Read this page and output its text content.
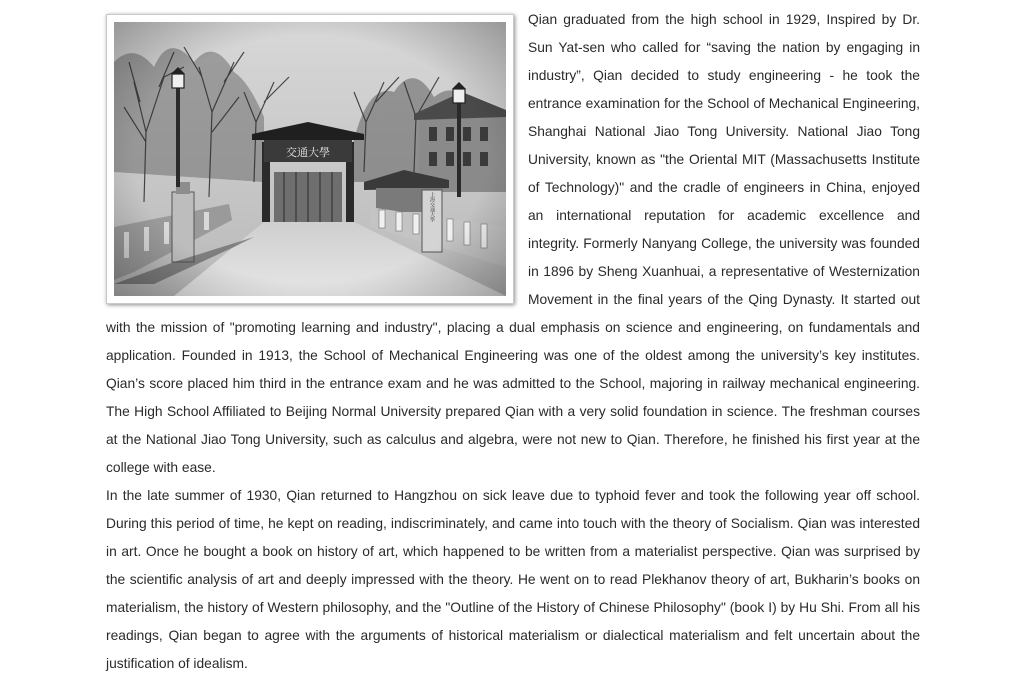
Qian graduated from the high school in 1929, Inspired by Dr. Sun Yat-sen who called for “saving the nation by engaging in industry”, Qian decided to study engineering - he took the entrance examination for the School of Mechanical Engineering, Shanghai National Jiao Tong University. National Jiao Tong University, known as "the Oriental MIT (Massachusetts Institute of Technology)" and the cradle of engineers in China, enjoyed an international reputation for academic excellence and integrity. Formerly Nanyang College, the university was founded in 1896 by Sheng Xuanhuai, a representative of Westernization Movement in the final years of the Qing Dynasty. It started out with the mission of "promoting learning and industry", placing a dual emphasis on science and engineering, on fundamentals and application. Founded in 1913, the School of Mechanical Engineering was one of the oldest among the university’s key institutes. Qian’s score placed him third in the entrance exam and he was admitted to the School, majoring in railway mechanical engineering. The High School Affiliated to Beijing Normal University prepared Qian with a very solid foundation in science. The freshman courses at the National Jiao Tong University, such as calculus and algebra, were not new to Qian. Therefore, he finished his first year at the college with ease.

In the late summer of 1930, Qian returned to Hangzhou on sick leave due to typhoid fever and took the following year off school. During this period of time, he kept on reading, indiscriminately, and came into touch with the theory of Socialism. Qian was interested in art. Once he bought a book on history of art, which happened to be written from a materialist perspective. Qian was surprised by the scientific analysis of art and deeply impressed with the theory. He went on to read Plekhanov theory of art, Bukharin’s books on materialism, the history of Western philosophy, and the "Outline of the History of Chinese Philosophy" (book I) by Hu Shi. From all his readings, Qian began to agree with the arguments of historical materialism or dialectical materialism and felt uncertain about the justification of idealism.
